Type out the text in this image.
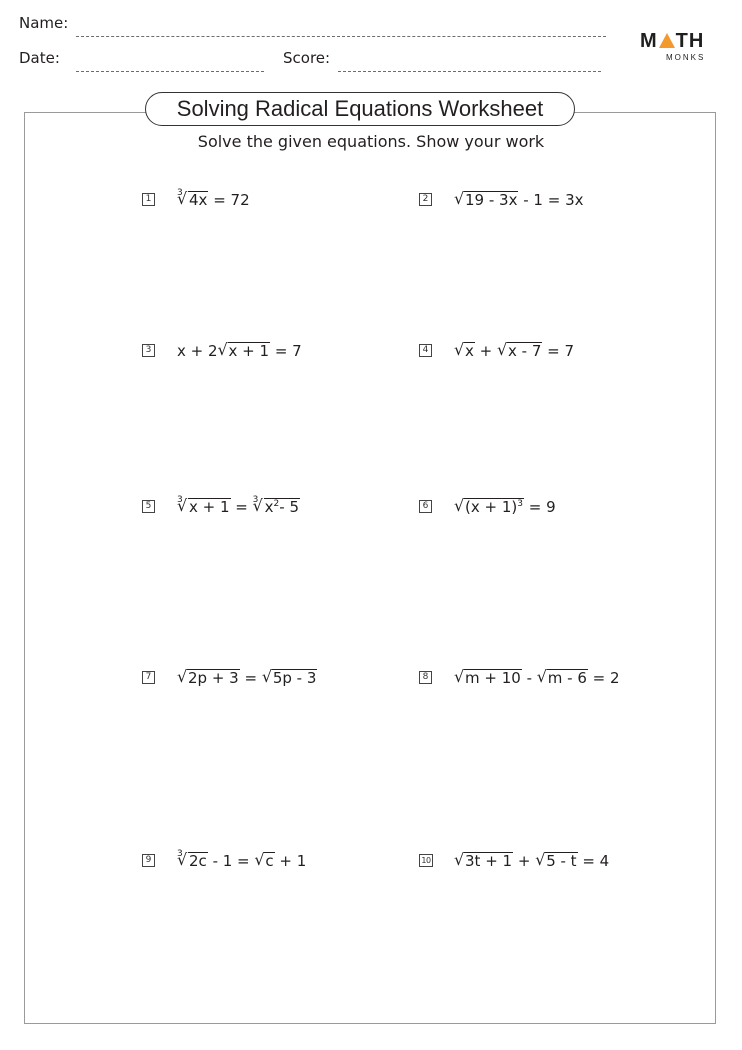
Name:
Date:	Score:
M TH
MONKS
Solving Radical Equations Worksheet
Solve the given equations. Show your work
1
√ 3 4x = 72	2	√ 19 - 3x - 1 = 3x
3 x + 2 √ x + 1 = 7	4	√ x + √ x - 7 = 7
5
√ 3 x + 1 = √ 3 $x^2-$ 5	6	√ $(x + 1)^3 = 9$
7	√ 2p + 3 = √ 5p - 3	8	√ m + 10 - √ m - 6 = 2
9
√ 3 2c - 1 = √ c + 1	10	√ 3t + 1 + √ 5 - t = 4
